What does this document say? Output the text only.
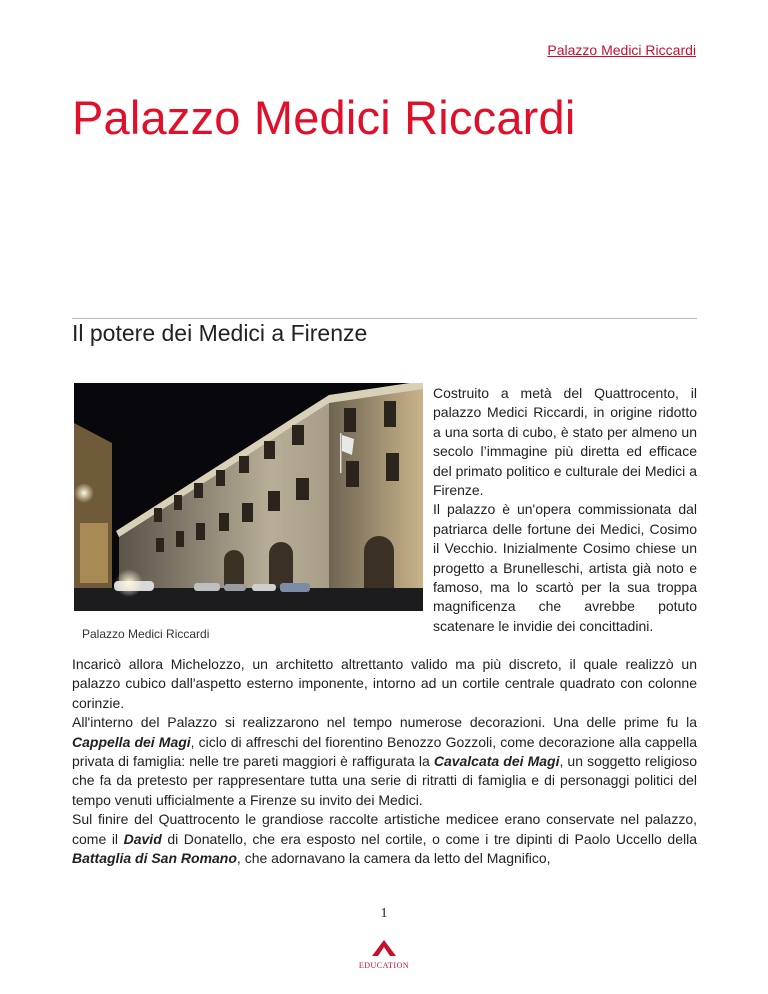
Palazzo Medici Riccardi
Palazzo Medici Riccardi
Il potere dei Medici a Firenze
Palazzo Medici Riccardi

Costruito a metà del Quattrocento, il palazzo Medici Riccardi, in origine ridotto a una sorta di cubo, è stato per almeno un secolo l’immagine più diretta ed efficace del primato politico e culturale dei Medici a Firenze.

Il palazzo è un'opera commissionata dal patriarca delle fortune dei Medici, Cosimo il Vecchio. Inizialmente Cosimo chiese un progetto a Brunelleschi, artista già noto e famoso, ma lo scartò per la sua troppa magnificenza che avrebbe potuto scatenare le invidie dei concittadini.

Incaricò allora Michelozzo, un architetto altrettanto valido ma più discreto, il quale realizzò un palazzo cubico dall'aspetto esterno imponente, intorno ad un cortile centrale quadrato con colonne corinzie.

All'interno del Palazzo si realizzarono nel tempo numerose decorazioni. Una delle prime fu la Cappella dei Magi, ciclo di affreschi del fiorentino Benozzo Gozzoli, come decorazione alla cappella privata di famiglia: nelle tre pareti maggiori è raffigurata la Cavalcata dei Magi, un soggetto religioso che fa da pretesto per rappresentare tutta una serie di ritratti di famiglia e di personaggi politici del tempo venuti ufficialmente a Firenze su invito dei Medici.

Sul finire del Quattrocento le grandiose raccolte artistiche medicee erano conservate nel palazzo, come il David di Donatello, che era esposto nel cortile, o come i tre dipinti di Paolo Uccello della Battaglia di San Romano, che adornavano la camera da letto del Magnifico,

1
EDUCATION
